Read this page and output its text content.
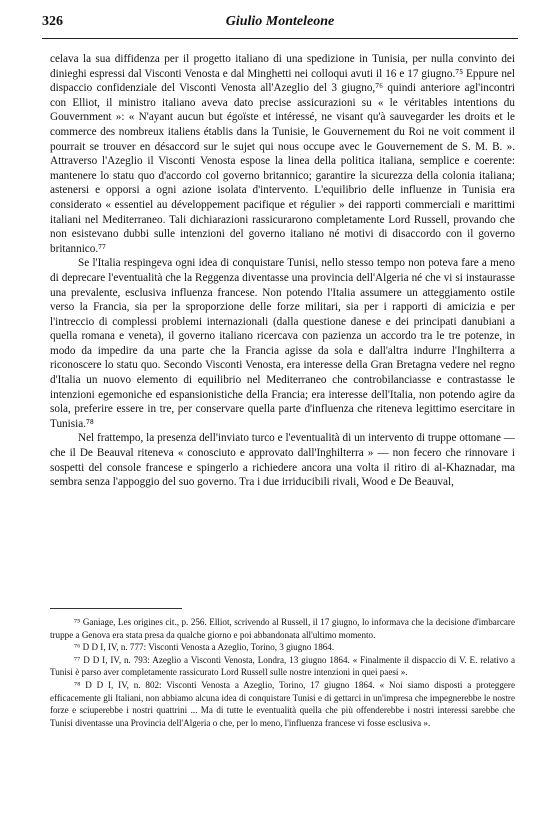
326	Giulio Monteleone

celava la sua diffidenza per il progetto italiano di una spedizione in Tunisia, per nulla convinto dei dinieghi espressi dal Visconti Venosta e dal Minghetti nei colloqui avuti il 16 e 17 giugno.⁷⁵ Eppure nel dispaccio confidenziale del Visconti Venosta all'Azeglio del 3 giugno,⁷⁶ quindi anteriore agl'incontri con Elliot, il ministro italiano aveva dato precise assicurazioni su « le véritables intentions du Gouvernment »: « N'ayant aucun but égoïste et intéressé, ne visant qu'à sauvegarder les droits et le commerce des nombreux italiens établis dans la Tunisie, le Gouvernement du Roi ne voit comment il pourrait se trouver en désaccord sur le sujet qui nous occupe avec le Gouvernement de S. M. B. ». Attraverso l'Azeglio il Visconti Venosta espose la linea della politica italiana, semplice e coerente: mantenere lo statu quo d'accordo col governo britannico; garantire la sicurezza della colonia italiana; astenersi e opporsi a ogni azione isolata d'intervento. L'equilibrio delle influenze in Tunisia era considerato « essentiel au développement pacifique et régulier » dei rapporti commerciali e marittimi italiani nel Mediterraneo. Tali dichiarazioni rassicurarono completamente Lord Russell, provando che non esistevano dubbi sulle intenzioni del governo italiano né motivi di disaccordo con il governo britannico.⁷⁷

Se l'Italia respingeva ogni idea di conquistare Tunisi, nello stesso tempo non poteva fare a meno di deprecare l'eventualità che la Reggenza diventasse una provincia dell'Algeria né che vi si instaurasse una prevalente, esclusiva influenza francese. Non potendo l'Italia assumere un atteggiamento ostile verso la Francia, sia per la sproporzione delle forze militari, sia per i rapporti di amicizia e per l'intreccio di complessi problemi internazionali (dalla questione danese e dei principati danubiani a quella romana e veneta), il governo italiano ricercava con pazienza un accordo tra le tre potenze, in modo da impedire da una parte che la Francia agisse da sola e dall'altra indurre l'Inghilterra a riconoscere lo statu quo. Secondo Visconti Venosta, era interesse della Gran Bretagna vedere nel regno d'Italia un nuovo elemento di equilibrio nel Mediterraneo che controbilanciasse e contrastasse le intenzioni egemoniche ed espansionistiche della Francia; era interesse dell'Italia, non potendo agire da sola, preferire essere in tre, per conservare quella parte d'influenza che riteneva legittimo esercitare in Tunisia.⁷⁸

Nel frattempo, la presenza dell'inviato turco e l'eventualità di un intervento di truppe ottomane — che il De Beauval riteneva « conosciuto e approvato dall'Inghilterra » — non fecero che rinnovare i sospetti del console francese e spingerlo a richiedere ancora una volta il ritiro di al-Khaznadar, ma sembra senza l'appoggio del suo governo. Tra i due irriducibili rivali, Wood e De Beauval,

⁷⁵ Ganiage, Les origines cit., p. 256. Elliot, scrivendo al Russell, il 17 giugno, lo informava che la decisione d'imbarcare truppe a Genova era stata presa da qualche giorno e poi abbandonata all'ultimo momento.

⁷⁶ D D I, IV, n. 777: Visconti Venosta a Azeglio, Torino, 3 giugno 1864.

⁷⁷ D D I, IV, n. 793: Azeglio a Visconti Venosta, Londra, 13 giugno 1864. « Finalmente il dispaccio di V. E. relativo a Tunisi è parso aver completamente rassicurato Lord Russell sulle nostre intenzioni in quei paesi ».

⁷⁸ D D I, IV, n. 802: Visconti Venosta a Azeglio, Torino, 17 giugno 1864. « Noi siamo disposti a proteggere efficacemente gli Italiani, non abbiamo alcuna idea di conquistare Tunisi e di gettarci in un'impresa che impegnerebbe le nostre forze e sciuperebbe i nostri quattrini ... Ma di tutte le eventualità quella che più offenderebbe i nostri interessi sarebbe che Tunisi diventasse una Provincia dell'Algeria o che, per lo meno, l'influenza francese vi fosse esclusiva ».
